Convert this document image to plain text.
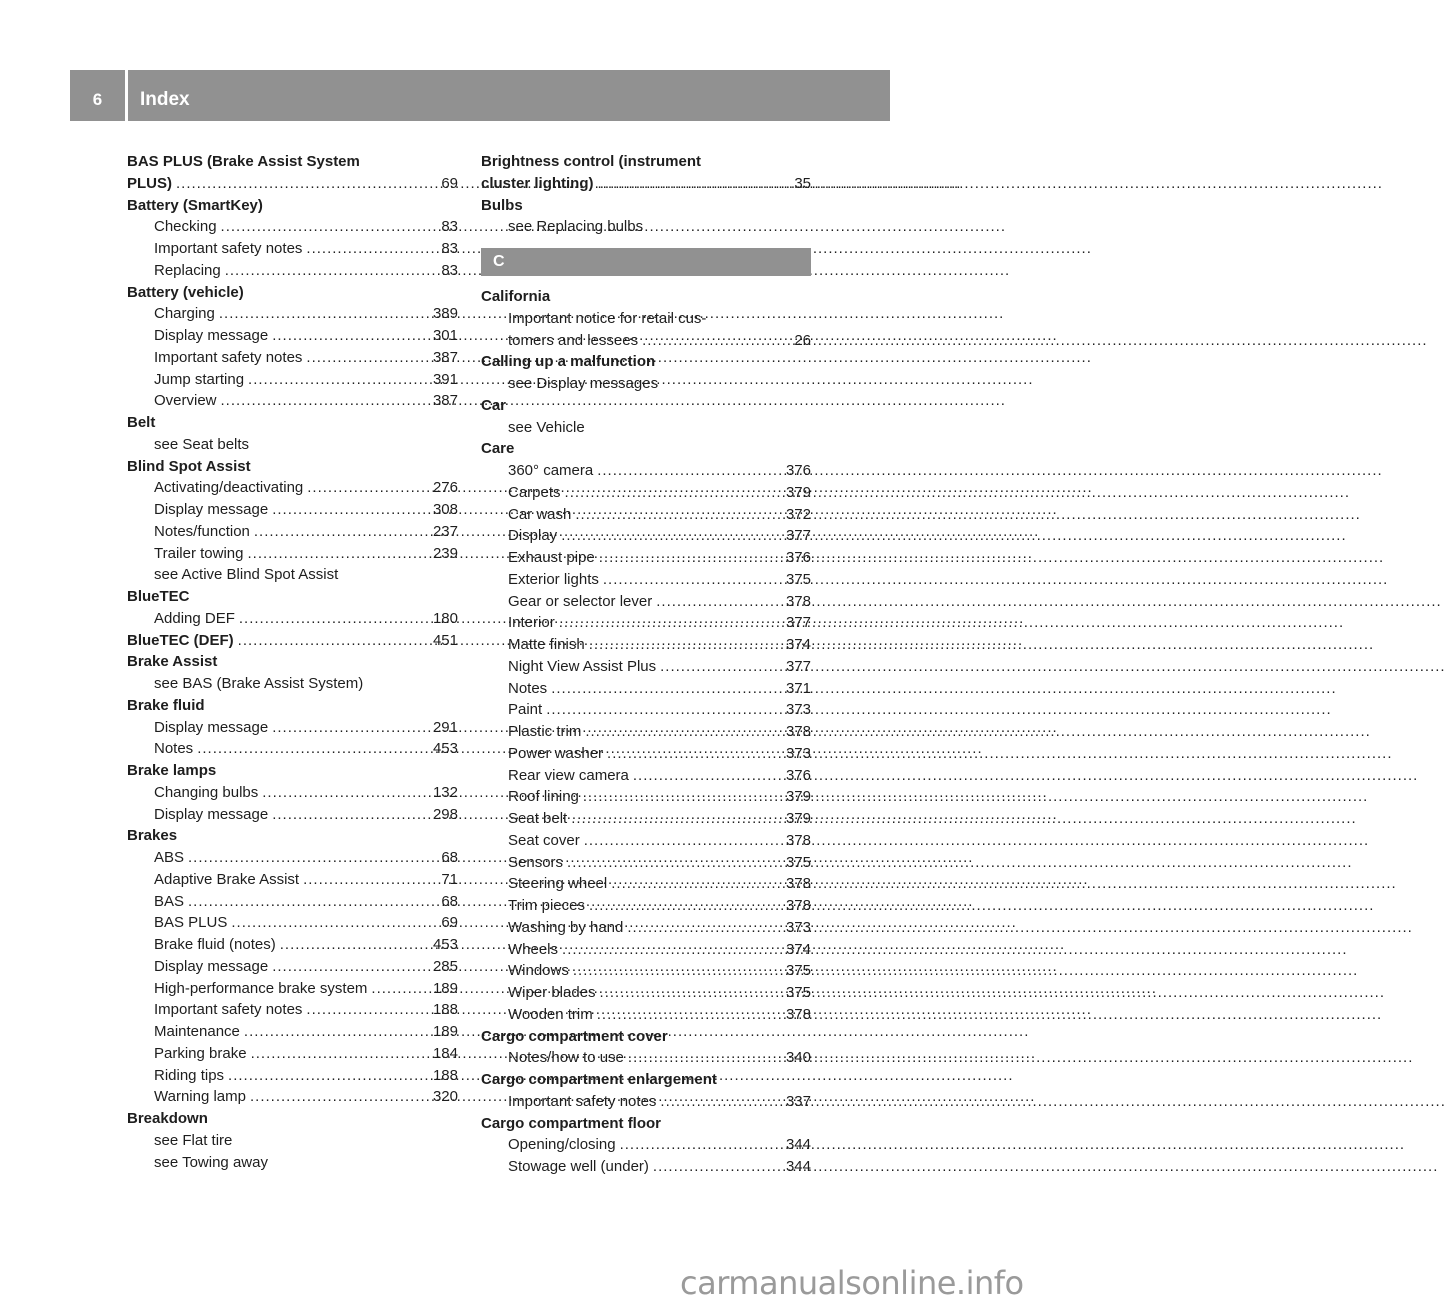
6	Index
BAS PLUS (Brake Assist System
PLUS) .....	69
Battery (SmartKey)
Checking .....	83
Important safety notes .....	83
Replacing .....	83
Battery (vehicle)
Charging .....	389
Display message .....	301
Important safety notes .....	387
Jump starting .....	391
Overview .....	387
Belt
see Seat belts
Blind Spot Assist
Activating/deactivating .....	276
Display message .....	308
Notes/function .....	237
Trailer towing .....	239
see Active Blind Spot Assist
BlueTEC
Adding DEF .....	180
BlueTEC (DEF) .....	451
Brake Assist
see BAS (Brake Assist System)
Brake fluid
Display message .....	291
Notes .....	453
Brake lamps
Changing bulbs .....	132
Display message .....	298
Brakes
ABS .....	68
Adaptive Brake Assist .....	71
BAS .....	68
BAS PLUS .....	69
Brake fluid (notes) .....	453
Display message .....	285
High-performance brake system .....	189
Important safety notes .....	188
Maintenance .....	189
Parking brake .....	184
Riding tips .....	188
Warning lamp .....	320
Breakdown
see Flat tire
see Towing away
Brightness control (instrument
cluster lighting) .....	35
Bulbs
see Replacing bulbs
C
California
Important notice for retail cus-
tomers and lessees .....	26
Calling up a malfunction
see Display messages
Car
see Vehicle
Care
360° camera .....	376
Carpets .....	379
Car wash .....	372
Display .....	377
Exhaust pipe .....	376
Exterior lights .....	375
Gear or selector lever .....	378
Interior .....	377
Matte finish .....	374
Night View Assist Plus .....	377
Notes .....	371
Paint .....	373
Plastic trim .....	378
Power washer .....	373
Rear view camera .....	376
Roof lining .....	379
Seat belt .....	379
Seat cover .....	378
Sensors .....	375
Steering wheel .....	378
Trim pieces .....	378
Washing by hand .....	373
Wheels .....	374
Windows .....	375
Wiper blades .....	375
Wooden trim .....	378
Cargo compartment cover
Notes/how to use .....	340
Cargo compartment enlargement
Important safety notes .....	337
Cargo compartment floor
Opening/closing .....	344
Stowage well (under) .....	344
carmanualsonline.info
